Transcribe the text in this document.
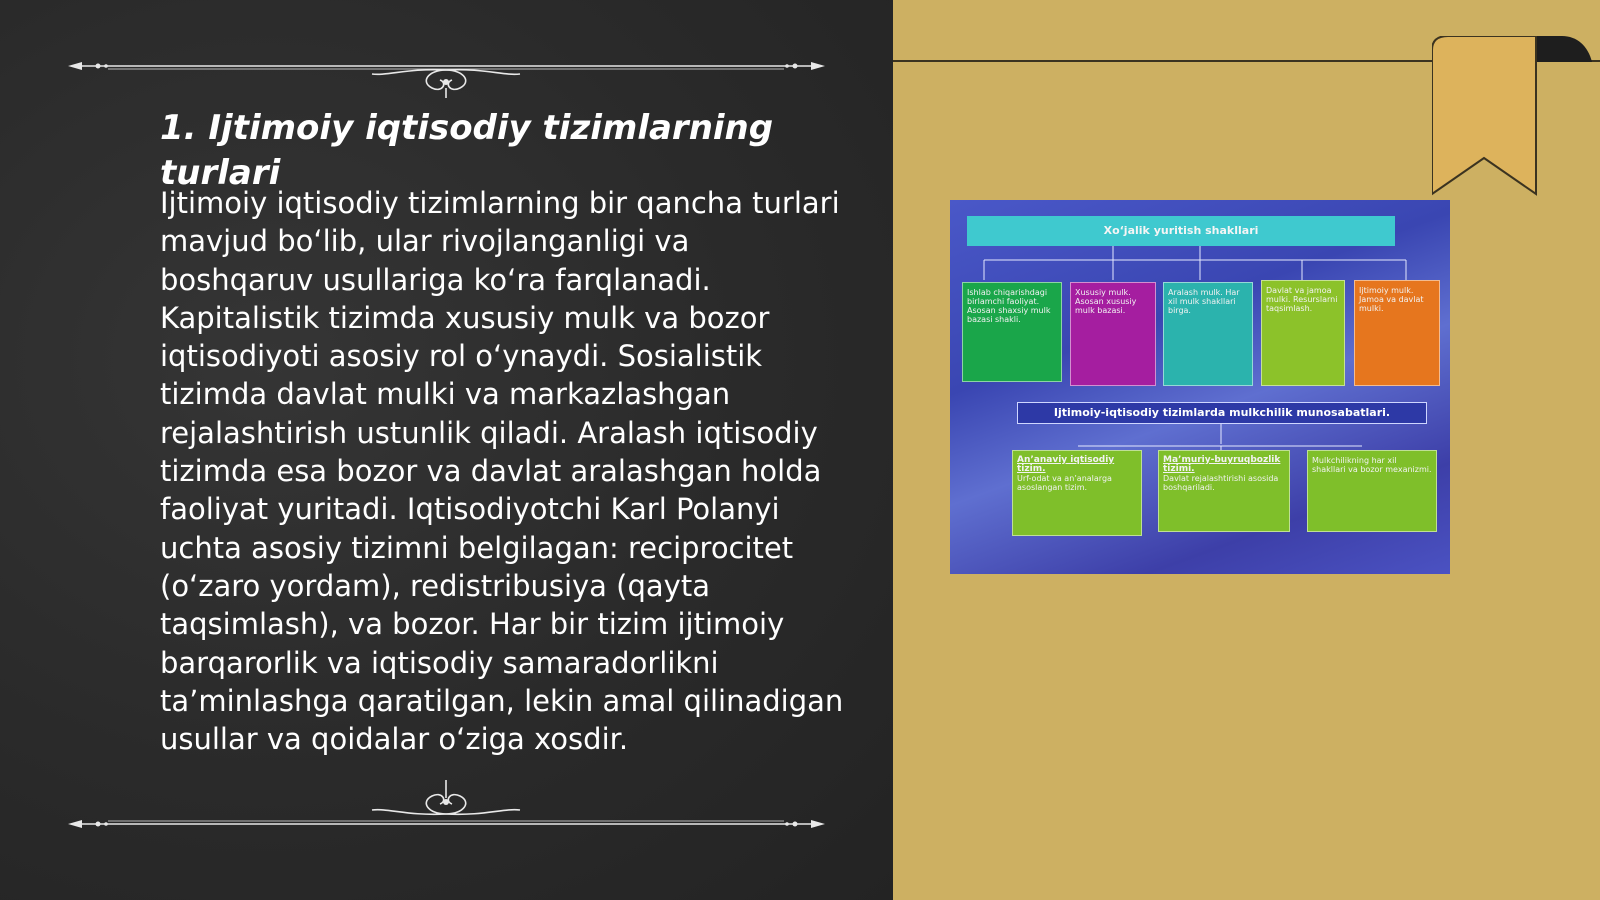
1. Ijtimoiy iqtisodiy tizimlarning turlari

Ijtimoiy iqtisodiy tizimlarning bir qancha turlari mavjud bo‘lib, ular rivojlanganligi va boshqaruv usullariga ko‘ra farqlanadi. Kapitalistik tizimda xususiy mulk va bozor iqtisodiyoti asosiy rol o‘ynaydi. Sosialistik tizimda davlat mulki va markazlashgan rejalashtirish ustunlik qiladi. Aralash iqtisodiy tizimda esa bozor va davlat aralashgan holda faoliyat yuritadi. Iqtisodiyotchi Karl Polanyi uchta asosiy tizimni belgilagan: reciprocitet (o‘zaro yordam), redistribusiya (qayta taqsimlash), va bozor. Har bir tizim ijtimoiy barqarorlik va iqtisodiy samaradorlikni ta’minlashga qaratilgan, lekin amal qilinadigan usullar va qoidalar o‘ziga xosdir.

Xo‘jalik yuritish shakllari
Ishlab chiqarishdagi birlamchi faoliyat. Asosan shaxsiy mulk bazasi shakli.
Xususiy mulk. Asosan xususiy mulk bazasi.
Aralash mulk. Har xil mulk shakllari birga.
Davlat va jamoa mulki. Resurslarni taqsimlash.
Ijtimoiy mulk. Jamoa va davlat mulki.
Ijtimoiy-iqtisodiy tizimlarda mulkchilik munosabatlari.
An’anaviy iqtisodiy tizim.
Urf-odat va an’analarga asoslangan tizim.
Ma’muriy-buyruqbozlik tizimi.
Davlat rejalashtirishi asosida boshqariladi.
Mulkchilikning har xil shakllari va bozor mexanizmi.
